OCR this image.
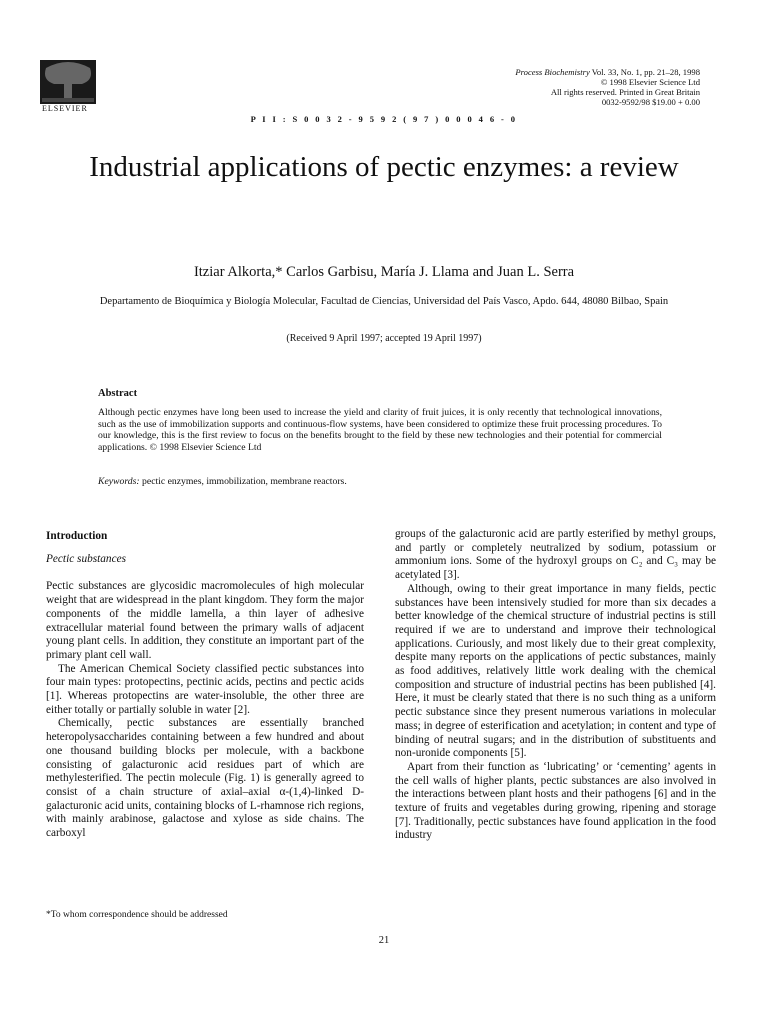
ELSEVIER
Process Biochemistry Vol. 33, No. 1, pp. 21–28, 1998
© 1998 Elsevier Science Ltd
All rights reserved. Printed in Great Britain
0032-9592/98 $19.00 + 0.00
P I I : S 0 0 3 2 - 9 5 9 2 ( 9 7 ) 0 0 0 4 6 - 0
Industrial applications of pectic enzymes: a review
Itziar Alkorta,* Carlos Garbisu, María J. Llama and Juan L. Serra
Departamento de Bioquímica y Biología Molecular, Facultad de Ciencias, Universidad del País Vasco, Apdo. 644, 48080 Bilbao, Spain
(Received 9 April 1997; accepted 19 April 1997)
Abstract
Although pectic enzymes have long been used to increase the yield and clarity of fruit juices, it is only recently that technological innovations, such as the use of immobilization supports and continuous-flow systems, have been considered to optimize these fruit processing procedures. To our knowledge, this is the first review to focus on the benefits brought to the field by these new technologies and their potential for commercial applications. © 1998 Elsevier Science Ltd
Keywords: pectic enzymes, immobilization, membrane reactors.
Introduction
Pectic substances

Pectic substances are glycosidic macromolecules of high molecular weight that are widespread in the plant kingdom. They form the major components of the middle lamella, a thin layer of adhesive extracellular material found between the primary walls of adjacent young plant cells. In addition, they constitute an important part of the primary plant cell wall.

The American Chemical Society classified pectic substances into four main types: protopectins, pectinic acids, pectins and pectic acids [1]. Whereas protopectins are water-insoluble, the other three are either totally or partially soluble in water [2].

Chemically, pectic substances are essentially branched heteropolysaccharides containing between a few hundred and about one thousand building blocks per molecule, with a backbone consisting of galacturonic acid residues part of which are methylesterified. The pectin molecule (Fig. 1) is generally agreed to consist of a chain structure of axial–axial α-(1,4)-linked D-galacturonic acid units, containing blocks of L-rhamnose rich regions, with mainly arabinose, galactose and xylose as side chains. The carboxyl

groups of the galacturonic acid are partly esterified by methyl groups, and partly or completely neutralized by sodium, potassium or ammonium ions. Some of the hydroxyl groups on C₂ and C₃ may be acetylated [3].

Although, owing to their great importance in many fields, pectic substances have been intensively studied for more than six decades a better knowledge of the chemical structure of industrial pectins is still required if we are to understand and improve their technological applications. Curiously, and most likely due to their great complexity, despite many reports on the applications of pectic substances, mainly as food additives, relatively little work dealing with the chemical composition and structure of industrial pectins has been published [4]. Here, it must be clearly stated that there is no such thing as a uniform pectic substance since they present numerous variations in molecular mass; in degree of esterification and acetylation; in content and type of binding of neutral sugars; and in the distribution of substituents and non-uronide components [5].

Apart from their function as ‘lubricating’ or ‘cementing’ agents in the cell walls of higher plants, pectic substances are also involved in the interactions between plant hosts and their pathogens [6] and in the texture of fruits and vegetables during growing, ripening and storage [7]. Traditionally, pectic substances have found application in the food industry

*To whom correspondence should be addressed
21
